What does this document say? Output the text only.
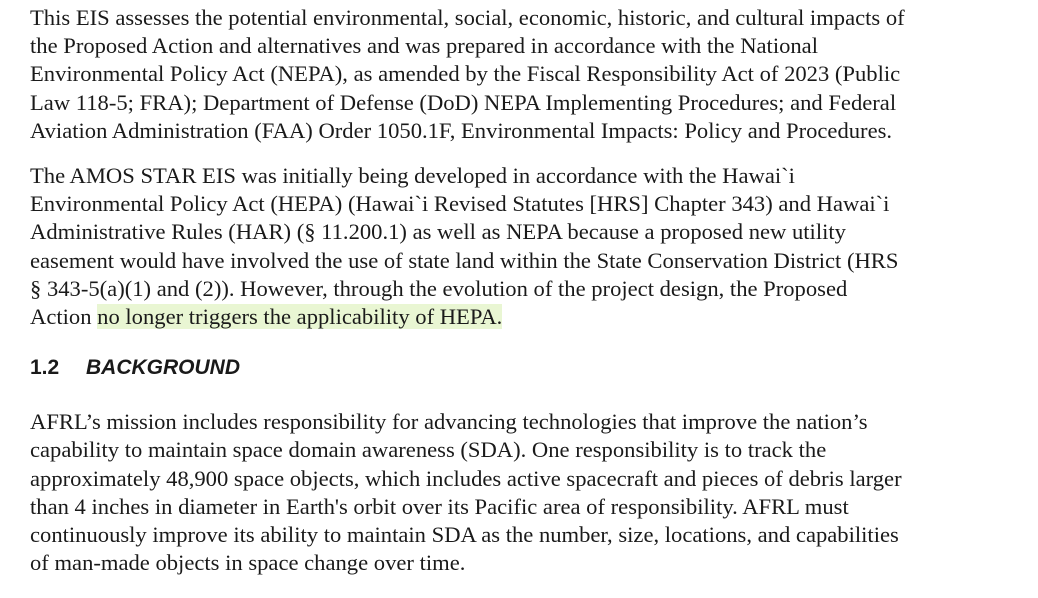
This EIS assesses the potential environmental, social, economic, historic, and cultural impacts of
the Proposed Action and alternatives and was prepared in accordance with the National
Environmental Policy Act (NEPA), as amended by the Fiscal Responsibility Act of 2023 (Public
Law 118-5; FRA); Department of Defense (DoD) NEPA Implementing Procedures; and Federal
Aviation Administration (FAA) Order 1050.1F, Environmental Impacts: Policy and Procedures.

The AMOS STAR EIS was initially being developed in accordance with the Hawai`i
Environmental Policy Act (HEPA) (Hawai`i Revised Statutes [HRS] Chapter 343) and Hawai`i
Administrative Rules (HAR) (§ 11.200.1) as well as NEPA because a proposed new utility
easement would have involved the use of state land within the State Conservation District (HRS
§ 343-5(a)(1) and (2)). However, through the evolution of the project design, the Proposed
Action no longer triggers the applicability of HEPA.

1.2 BACKGROUND

AFRL’s mission includes responsibility for advancing technologies that improve the nation’s
capability to maintain space domain awareness (SDA). One responsibility is to track the
approximately 48,900 space objects, which includes active spacecraft and pieces of debris larger
than 4 inches in diameter in Earth's orbit over its Pacific area of responsibility. AFRL must
continuously improve its ability to maintain SDA as the number, size, locations, and capabilities
of man-made objects in space change over time.
